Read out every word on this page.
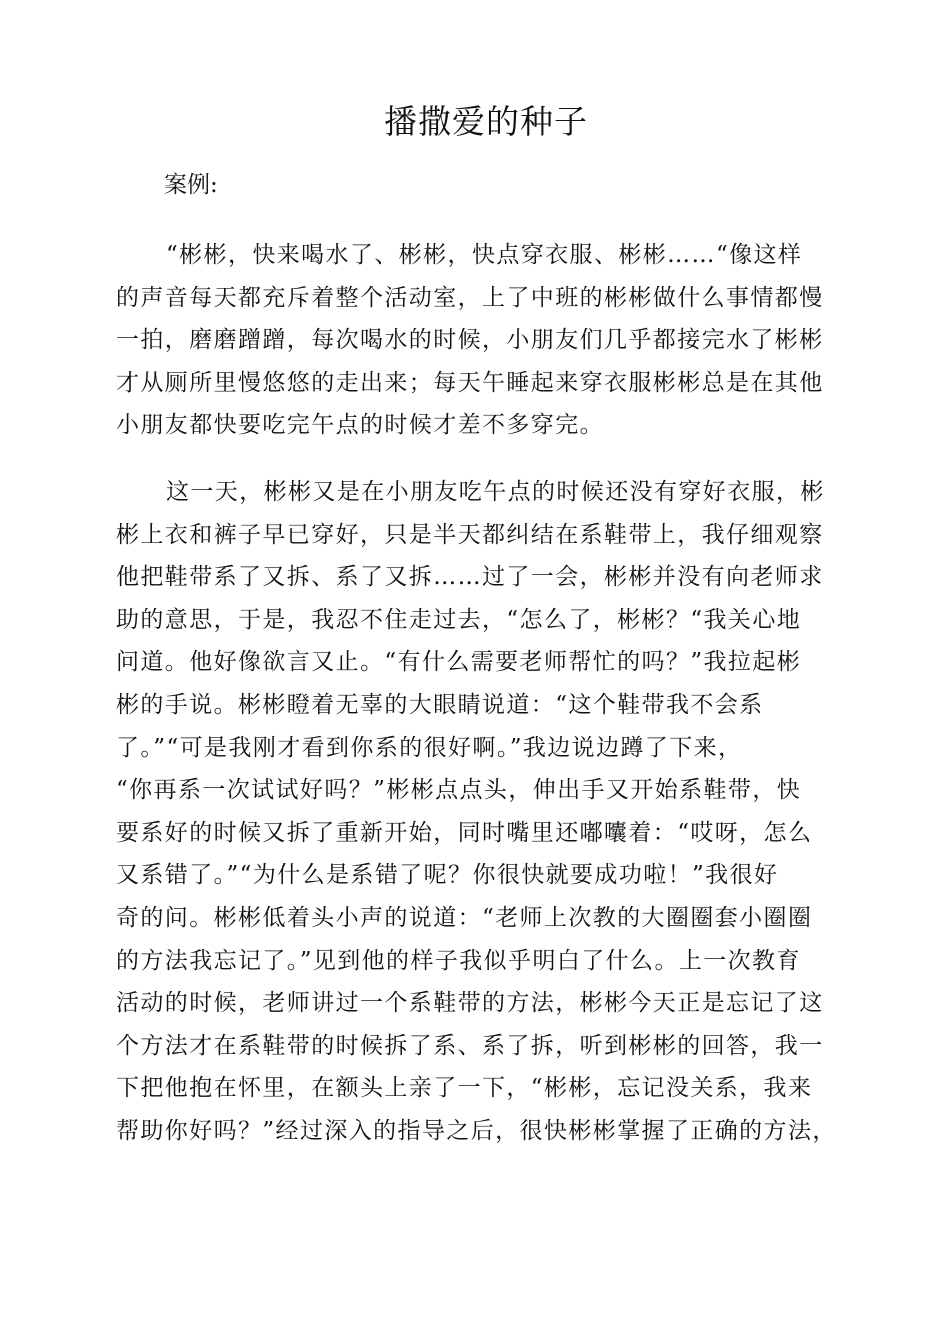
播撒爱的种子

案例:

“彬彬，快来喝水了、彬彬，快点穿衣服、彬彬……“像这样
的声音每天都充斥着整个活动室，上了中班的彬彬做什么事情都慢
一拍，磨磨蹭蹭，每次喝水的时候，小朋友们几乎都接完水了彬彬
才从厕所里慢悠悠的走出来；每天午睡起来穿衣服彬彬总是在其他
小朋友都快要吃完午点的时候才差不多穿完。

这一天，彬彬又是在小朋友吃午点的时候还没有穿好衣服，彬
彬上衣和裤子早已穿好，只是半天都纠结在系鞋带上，我仔细观察
他把鞋带系了又拆、系了又拆……过了一会，彬彬并没有向老师求
助的意思，于是，我忍不住走过去，“怎么了，彬彬？“我关心地
问道。他好像欲言又止。“有什么需要老师帮忙的吗？”我拉起彬
彬的手说。彬彬瞪着无辜的大眼睛说道：“这个鞋带我不会系
了。”“可是我刚才看到你系的很好啊。”我边说边蹲了下来，
“你再系一次试试好吗？”彬彬点点头，伸出手又开始系鞋带，快
要系好的时候又拆了重新开始，同时嘴里还嘟囔着：“哎呀，怎么
又系错了。”“为什么是系错了呢？你很快就要成功啦！”我很好
奇的问。彬彬低着头小声的说道：“老师上次教的大圈圈套小圈圈
的方法我忘记了。”见到他的样子我似乎明白了什么。上一次教育
活动的时候，老师讲过一个系鞋带的方法，彬彬今天正是忘记了这
个方法才在系鞋带的时候拆了系、系了拆，听到彬彬的回答，我一
下把他抱在怀里，在额头上亲了一下，“彬彬，忘记没关系，我来
帮助你好吗？”经过深入的指导之后，很快彬彬掌握了正确的方法，
